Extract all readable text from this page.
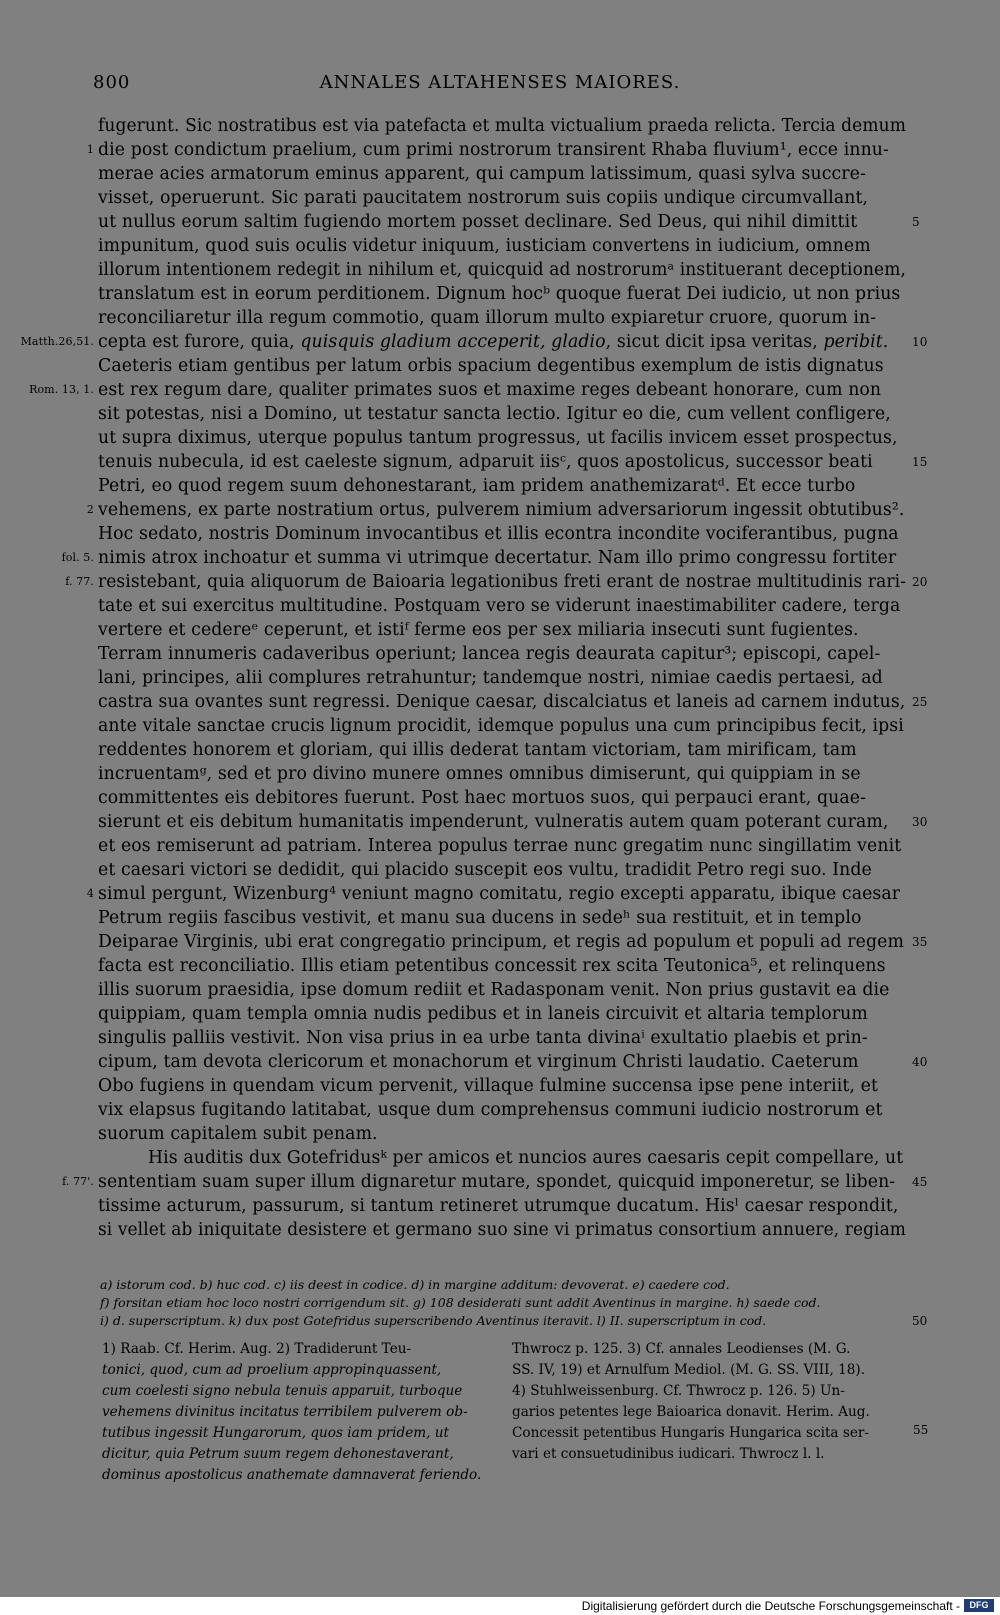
800	ANNALES ALTAHENSES MAIORES.
fugerunt. Sic nostratibus est via patefacta et multa victualium praeda relicta. Tercia demum
die post condictum praelium, cum primi nostrorum transirent Rhaba fluvium¹, ecce innu-
1
merae acies armatorum eminus apparent, qui campum latissimum, quasi sylva succre-
visset, operuerunt. Sic parati paucitatem nostrorum suis copiis undique circumvallant,
ut nullus eorum saltim fugiendo mortem posset declinare. Sed Deus, qui nihil dimittit	5
impunitum, quod suis oculis videtur iniquum, iusticiam convertens in iudicium, omnem
illorum intentionem redegit in nihilum et, quicquid ad nostrorumᵃ instituerant deceptionem,
translatum est in eorum perditionem. Dignum hocᵇ quoque fuerat Dei iudicio, ut non prius
reconciliaretur illa regum commotio, quam illorum multo expiaretur cruore, quorum in-
cepta est furore, quia, quisquis gladium acceperit, gladio, sicut dicit ipsa veritas, peribit.
Matth.26,51.	10
Caeteris etiam gentibus per latum orbis spacium degentibus exemplum de istis dignatus
est rex regum dare, qualiter primates suos et maxime reges debeant honorare, cum non
Rom. 13, 1.
sit potestas, nisi a Domino, ut testatur sancta lectio. Igitur eo die, cum vellent confligere,
ut supra diximus, uterque populus tantum progressus, ut facilis invicem esset prospectus,
tenuis nubecula, id est caeleste signum, adparuit iisᶜ, quos apostolicus, successor beati	15
Petri, eo quod regem suum dehonestarant, iam pridem anathemizaratᵈ. Et ecce turbo
vehemens, ex parte nostratium ortus, pulverem nimium adversariorum ingessit obtutibus².
2
Hoc sedato, nostris Dominum invocantibus et illis econtra incondite vociferantibus, pugna
nimis atrox inchoatur et summa vi utrimque decertatur. Nam illo primo congressu fortiter
fol. 5.
resistebant, quia aliquorum de Baioaria legationibus freti erant de nostrae multitudinis rari-
f. 77.	20
tate et sui exercitus multitudine. Postquam vero se viderunt inaestimabiliter cadere, terga
vertere et cedereᵉ ceperunt, et istiᶠ ferme eos per sex miliaria insecuti sunt fugientes.
Terram innumeris cadaveribus operiunt; lancea regis deaurata capitur³; episcopi, capel-
lani, principes, alii complures retrahuntur; tandemque nostri, nimiae caedis pertaesi, ad
castra sua ovantes sunt regressi. Denique caesar, discalciatus et laneis ad carnem indutus, 25
ante vitale sanctae crucis lignum procidit, idemque populus una cum principibus fecit, ipsi
reddentes honorem et gloriam, qui illis dederat tantam victoriam, tam mirificam, tam
incruentamᵍ, sed et pro divino munere omnes omnibus dimiserunt, qui quippiam in se
committentes eis debitores fuerunt. Post haec mortuos suos, qui perpauci erant, quae-
sierunt et eis debitum humanitatis impenderunt, vulneratis autem quam poterant curam, 30
et eos remiserunt ad patriam. Interea populus terrae nunc gregatim nunc singillatim venit
et caesari victori se dedidit, qui placido suscepit eos vultu, tradidit Petro regi suo. Inde
simul pergunt, Wizenburg⁴ veniunt magno comitatu, regio excepti apparatu, ibique caesar
4
Petrum regiis fascibus vestivit, et manu sua ducens in sedeʰ sua restituit, et in templo
Deiparae Virginis, ubi erat congregatio principum, et regis ad populum et populi ad regem 35
facta est reconciliatio. Illis etiam petentibus concessit rex scita Teutonica⁵, et relinquens
illis suorum praesidia, ipse domum rediit et Radasponam venit. Non prius gustavit ea die
quippiam, quam templa omnia nudis pedibus et in laneis circuivit et altaria templorum
singulis palliis vestivit. Non visa prius in ea urbe tanta divinaⁱ exultatio plaebis et prin-
cipum, tam devota clericorum et monachorum et virginum Christi laudatio. Caeterum	40
Obo fugiens in quendam vicum pervenit, villaque fulmine succensa ipse pene interiit, et
vix elapsus fugitando latitabat, usque dum comprehensus communi iudicio nostrorum et
suorum capitalem subit penam.
His auditis dux Gotefridusᵏ per amicos et nuncios aures caesaris cepit compellare, ut
sententiam suam super illum dignaretur mutare, spondet, quicquid imponeretur, se liben-
f. 77'.	45
tissime acturum, passurum, si tantum retineret utrumque ducatum. Hisˡ caesar respondit,
si vellet ab iniquitate desistere et germano suo sine vi primatus consortium annuere, regiam
a) istorum cod. b) huc cod. c) iis deest in codice. d) in margine additum: devoverat. e) caedere cod.
f) forsitan etiam hoc loco nostri corrigendum sit. g) 108 desiderati sunt addit Aventinus in margine. h) saede cod.
i) d. superscriptum. k) dux post Gotefridus superscribendo Aventinus iteravit. l) II. superscriptum in cod.	50
1) Raab. Cf. Herim. Aug. 2) Tradiderunt Teu-
tonici, quod, cum ad proelium appropinquassent,
cum coelesti signo nebula tenuis apparuit, turboque
vehemens divinitus incitatus terribilem pulverem ob-
tutibus ingessit Hungarorum, quos iam pridem, ut
dicitur, quia Petrum suum regem dehonestaverant,
dominus apostolicus anathemate damnaverat feriendo.
Thwrocz p. 125. 3) Cf. annales Leodienses (M. G.
SS. IV, 19) et Arnulfum Mediol. (M. G. SS. VIII, 18).
4) Stuhlweissenburg. Cf. Thwrocz p. 126. 5) Un-
garios petentes lege Baioarica donavit. Herim. Aug.
Concessit petentibus Hungaris Hungarica scita ser-
vari et consuetudinibus iudicari. Thwrocz l. l.
55
Digitalisierung gefördert durch die Deutsche Forschungsgemeinschaft -	DFG
